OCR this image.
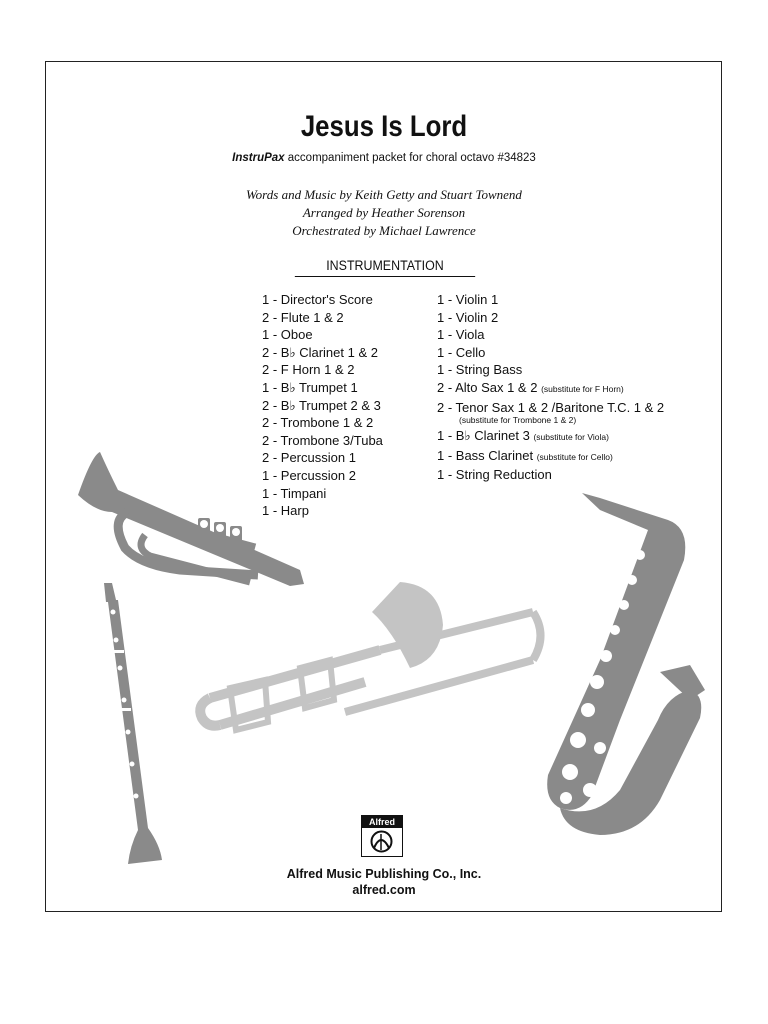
Jesus Is Lord
InstruPax accompaniment packet for choral octavo #34823
Words and Music by Keith Getty and Stuart Townend
Arranged by Heather Sorenson
Orchestrated by Michael Lawrence
INSTRUMENTATION
1 - Director's Score
2 - Flute 1 & 2
1 - Oboe
2 - B♭ Clarinet 1 & 2
2 - F Horn 1 & 2
1 - B♭ Trumpet 1
2 - B♭ Trumpet 2 & 3
2 - Trombone 1 & 2
2 - Trombone 3/Tuba
2 - Percussion 1
1 - Percussion 2
1 - Timpani
1 - Harp
1 - Violin 1
1 - Violin 2
1 - Viola
1 - Cello
1 - String Bass
2 - Alto Sax 1 & 2 (substitute for F Horn)
2 - Tenor Sax 1 & 2 /Baritone T.C. 1 & 2
(substitute for Trombone 1 & 2)
1 - B♭ Clarinet 3 (substitute for Viola)
1 - Bass Clarinet (substitute for Cello)
1 - String Reduction
Alfred
Alfred Music Publishing Co., Inc.
alfred.com
